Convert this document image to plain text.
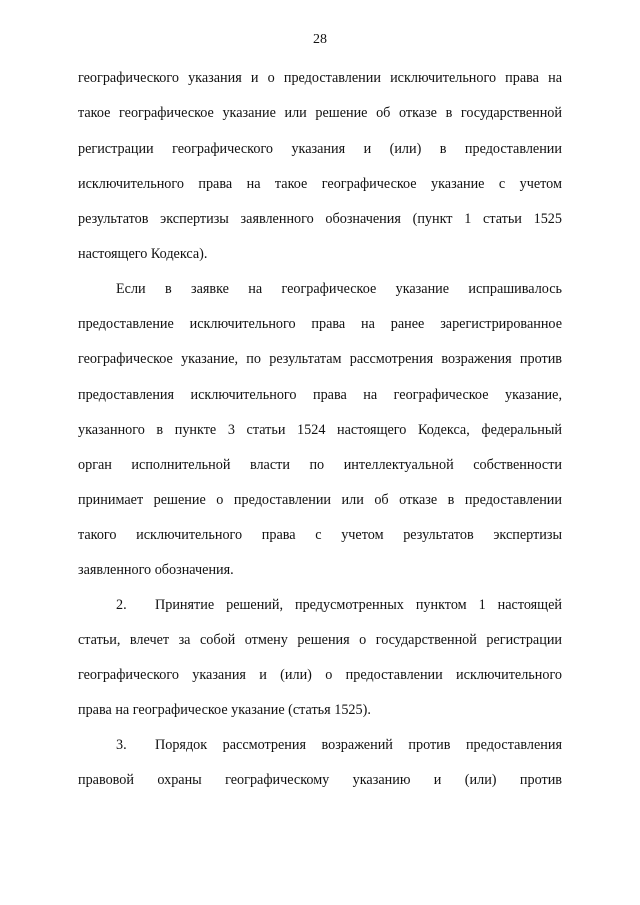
28
географического указания и о предоставлении исключительного права на
такое географическое указание или решение об отказе в государственной
регистрации географического указания и (или) в предоставлении
исключительного права на такое географическое указание с учетом
результатов экспертизы заявленного обозначения (пункт 1 статьи 1525
настоящего Кодекса).
Если в заявке на географическое указание испрашивалось
предоставление исключительного права на ранее зарегистрированное
географическое указание, по результатам рассмотрения возражения против
предоставления исключительного права на географическое указание,
указанного в пункте 3 статьи 1524 настоящего Кодекса, федеральный
орган исполнительной власти по интеллектуальной собственности
принимает решение о предоставлении или об отказе в предоставлении
такого исключительного права с учетом результатов экспертизы
заявленного обозначения.
2. Принятие решений, предусмотренных пунктом 1 настоящей
статьи, влечет за собой отмену решения о государственной регистрации
географического указания и (или) о предоставлении исключительного
права на географическое указание (статья 1525).
3. Порядок рассмотрения возражений против предоставления
правовой охраны географическому указанию и (или) против
